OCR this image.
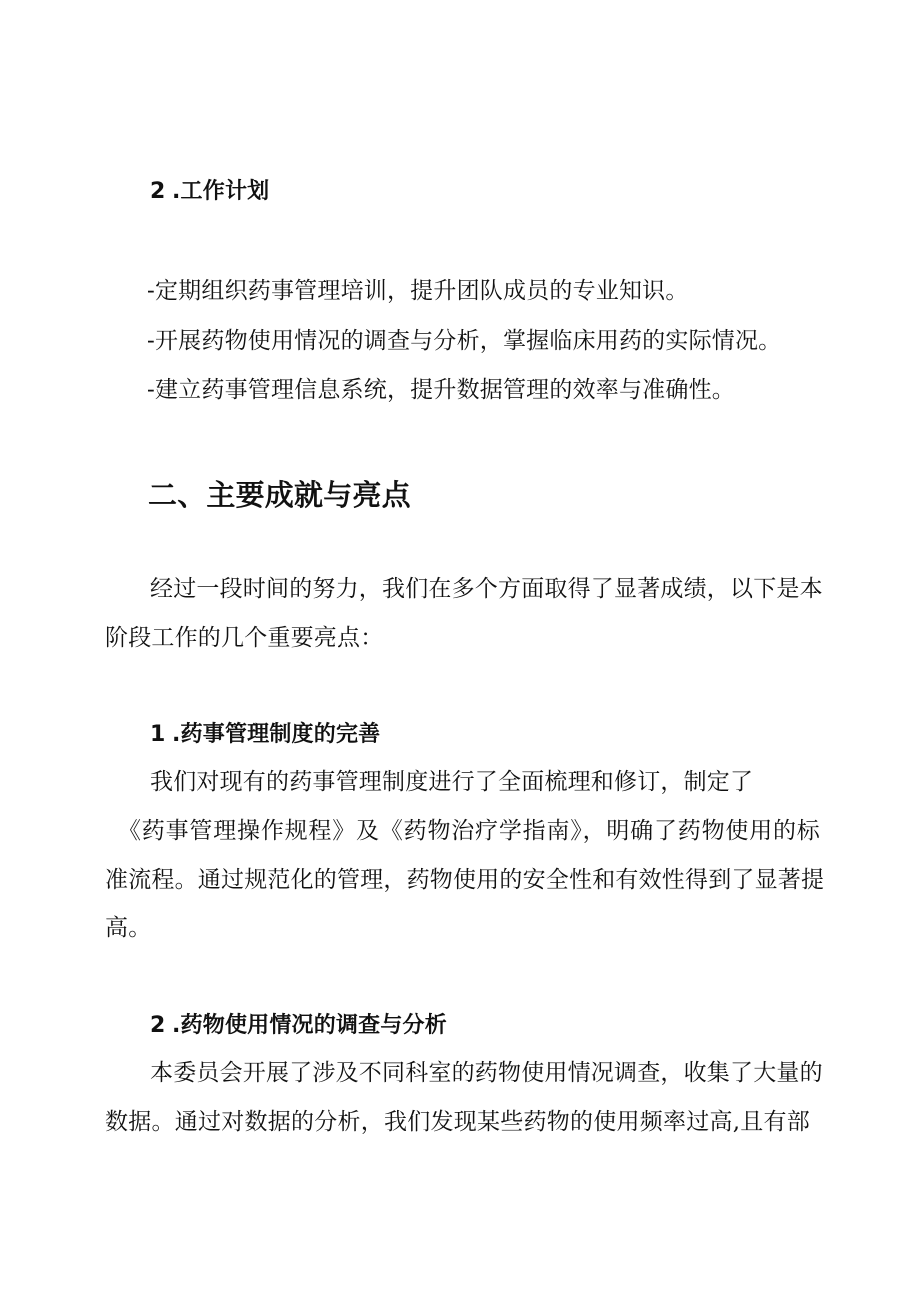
2 .工作计划
-定期组织药事管理培训，提升团队成员的专业知识。
-开展药物使用情况的调查与分析，掌握临床用药的实际情况。
-建立药事管理信息系统，提升数据管理的效率与准确性。
二、主要成就与亮点
经过一段时间的努力，我们在多个方面取得了显著成绩，以下是本
阶段工作的几个重要亮点：
1 .药事管理制度的完善
我们对现有的药事管理制度进行了全面梳理和修订，制定了
《药事管理操作规程》及《药物治疗学指南》，明确了药物使用的标
准流程。通过规范化的管理，药物使用的安全性和有效性得到了显著提
高。
2 .药物使用情况的调查与分析
本委员会开展了涉及不同科室的药物使用情况调查，收集了大量的
数据。通过对数据的分析，我们发现某些药物的使用频率过高,且有部
